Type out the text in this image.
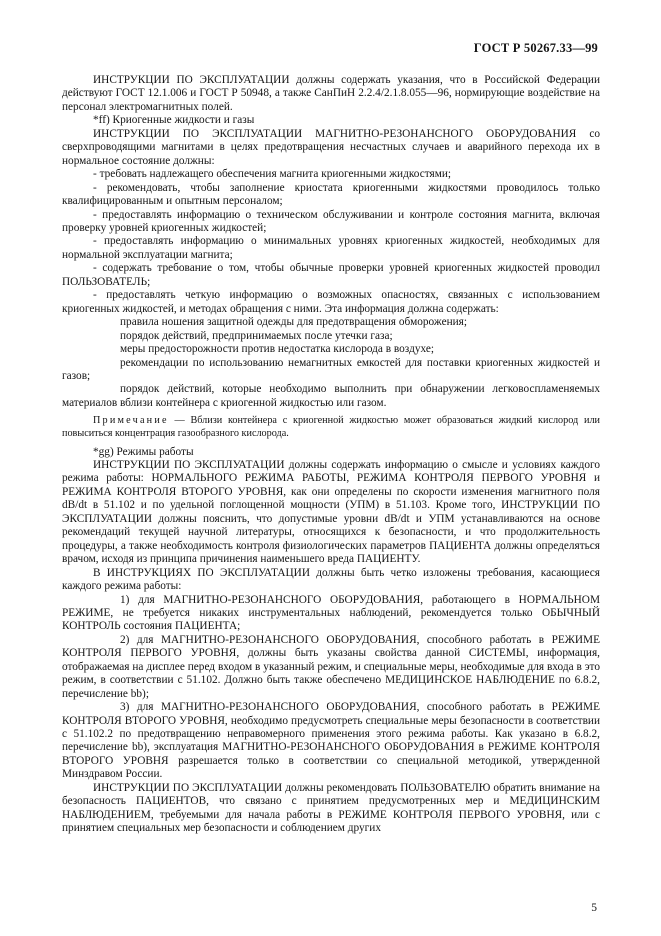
ГОСТ Р 50267.33—99

ИНСТРУКЦИИ ПО ЭКСПЛУАТАЦИИ должны содержать указания, что в Российской Федерации действуют ГОСТ 12.1.006 и ГОСТ Р 50948, а также СанПиН 2.2.4/2.1.8.055—96, нормирующие воздействие на персонал электромагнитных полей.

*ff) Криогенные жидкости и газы

ИНСТРУКЦИИ ПО ЭКСПЛУАТАЦИИ МАГНИТНО-РЕЗОНАНСНОГО ОБОРУДОВАНИЯ со сверхпроводящими магнитами в целях предотвращения несчастных случаев и аварийного перехода их в нормальное состояние должны:

- требовать надлежащего обеспечения магнита криогенными жидкостями;

- рекомендовать, чтобы заполнение криостата криогенными жидкостями проводилось только квалифицированным и опытным персоналом;

- предоставлять информацию о техническом обслуживании и контроле состояния магнита, включая проверку уровней криогенных жидкостей;

- предоставлять информацию о минимальных уровнях криогенных жидкостей, необходимых для нормальной эксплуатации магнита;

- содержать требование о том, чтобы обычные проверки уровней криогенных жидкостей проводил ПОЛЬЗОВАТЕЛЬ;

- предоставлять четкую информацию о возможных опасностях, связанных с использованием криогенных жидкостей, и методах обращения с ними. Эта информация должна содержать:

правила ношения защитной одежды для предотвращения обморожения;

порядок действий, предпринимаемых после утечки газа;

меры предосторожности против недостатка кислорода в воздухе;

рекомендации по использованию немагнитных емкостей для поставки криогенных жидкостей и газов;

порядок действий, которые необходимо выполнить при обнаружении легковоспламеняемых материалов вблизи контейнера с криогенной жидкостью или газом.

Примечание — Вблизи контейнера с криогенной жидкостью может образоваться жидкий кислород или повыситься концентрация газообразного кислорода.

*gg) Режимы работы

ИНСТРУКЦИИ ПО ЭКСПЛУАТАЦИИ должны содержать информацию о смысле и условиях каждого режима работы: НОРМАЛЬНОГО РЕЖИМА РАБОТЫ, РЕЖИМА КОНТРОЛЯ ПЕРВОГО УРОВНЯ и РЕЖИМА КОНТРОЛЯ ВТОРОГО УРОВНЯ, как они определены по скорости изменения магнитного поля dB/dt в 51.102 и по удельной поглощенной мощности (УПМ) в 51.103. Кроме того, ИНСТРУКЦИИ ПО ЭКСПЛУАТАЦИИ должны пояснить, что допустимые уровни dB/dt и УПМ устанавливаются на основе рекомендаций текущей научной литературы, относящихся к безопасности, и что продолжительность процедуры, а также необходимость контроля физиологических параметров ПАЦИЕНТА должны определяться врачом, исходя из принципа причинения наименьшего вреда ПАЦИЕНТУ.

В ИНСТРУКЦИЯХ ПО ЭКСПЛУАТАЦИИ должны быть четко изложены требования, касающиеся каждого режима работы:

1) для МАГНИТНО-РЕЗОНАНСНОГО ОБОРУДОВАНИЯ, работающего в НОРМАЛЬНОМ РЕЖИМЕ, не требуется никаких инструментальных наблюдений, рекомендуется только ОБЫЧНЫЙ КОНТРОЛЬ состояния ПАЦИЕНТА;

2) для МАГНИТНО-РЕЗОНАНСНОГО ОБОРУДОВАНИЯ, способного работать в РЕЖИМЕ КОНТРОЛЯ ПЕРВОГО УРОВНЯ, должны быть указаны свойства данной СИСТЕМЫ, информация, отображаемая на дисплее перед входом в указанный режим, и специальные меры, необходимые для входа в это режим, в соответствии с 51.102. Должно быть также обеспечено МЕДИЦИНСКОЕ НАБЛЮДЕНИЕ по 6.8.2, перечисление bb);

3) для МАГНИТНО-РЕЗОНАНСНОГО ОБОРУДОВАНИЯ, способного работать в РЕЖИМЕ КОНТРОЛЯ ВТОРОГО УРОВНЯ, необходимо предусмотреть специальные меры безопасности в соответствии с 51.102.2 по предотвращению неправомерного применения этого режима работы. Как указано в 6.8.2, перечисление bb), эксплуатация МАГНИТНО-РЕЗОНАНСНОГО ОБОРУДОВАНИЯ в РЕЖИМЕ КОНТРОЛЯ ВТОРОГО УРОВНЯ разрешается только в соответствии со специальной методикой, утвержденной Минздравом России.

ИНСТРУКЦИИ ПО ЭКСПЛУАТАЦИИ должны рекомендовать ПОЛЬЗОВАТЕЛЮ обратить внимание на безопасность ПАЦИЕНТОВ, что связано с принятием предусмотренных мер и МЕДИЦИНСКИМ НАБЛЮДЕНИЕМ, требуемыми для начала работы в РЕЖИМЕ КОНТРОЛЯ ПЕРВОГО УРОВНЯ, или с принятием специальных мер безопасности и соблюдением других

5
